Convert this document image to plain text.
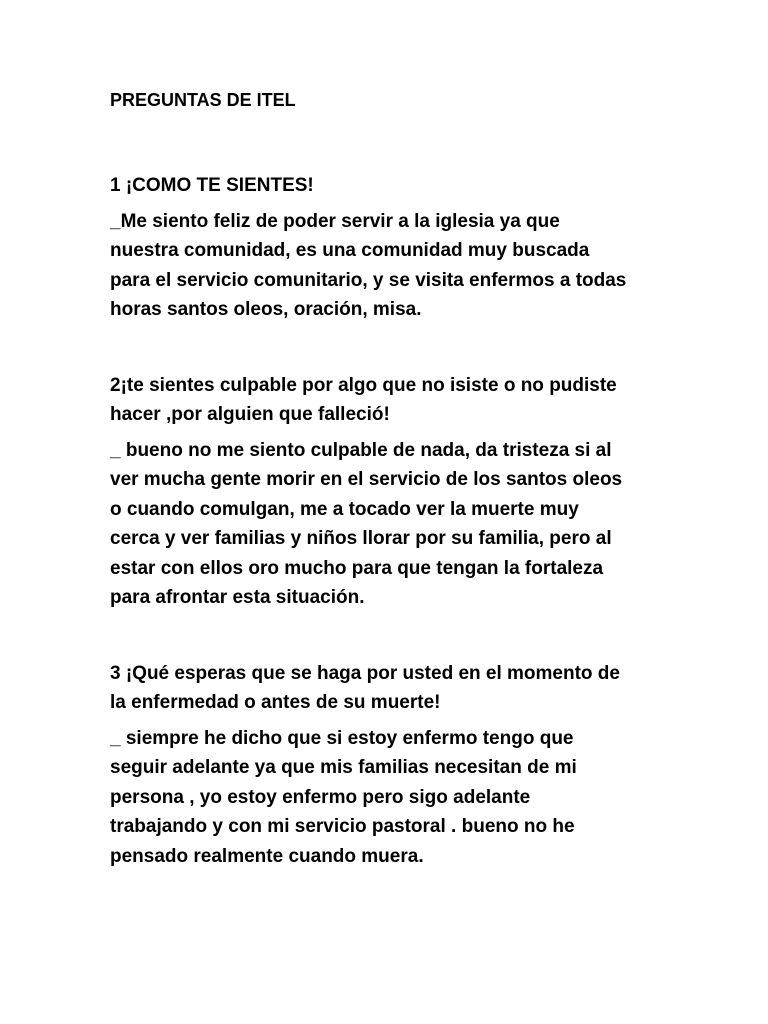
PREGUNTAS DE ITEL
1 ¡COMO TE SIENTES!
_Me siento feliz de poder servir a la iglesia ya que
nuestra comunidad, es una comunidad muy buscada
para el servicio comunitario, y se visita enfermos a todas
horas santos oleos, oración, misa.
2¡te sientes culpable por algo que no isiste o no pudiste
hacer ,por alguien que falleció!
_ bueno no me siento culpable de nada, da tristeza si al
ver mucha gente morir en el servicio de los santos oleos
o cuando comulgan, me a tocado ver la muerte muy
cerca y ver familias y niños llorar por su familia, pero al
estar con ellos oro mucho para que tengan la fortaleza
para afrontar esta situación.
3 ¡Qué esperas que se haga por usted en el momento de
la enfermedad o antes de su muerte!
_ siempre he dicho que si estoy enfermo tengo que
seguir adelante ya que mis familias necesitan de mi
persona , yo estoy enfermo pero sigo adelante
trabajando y con mi servicio pastoral . bueno no he
pensado realmente cuando muera.
